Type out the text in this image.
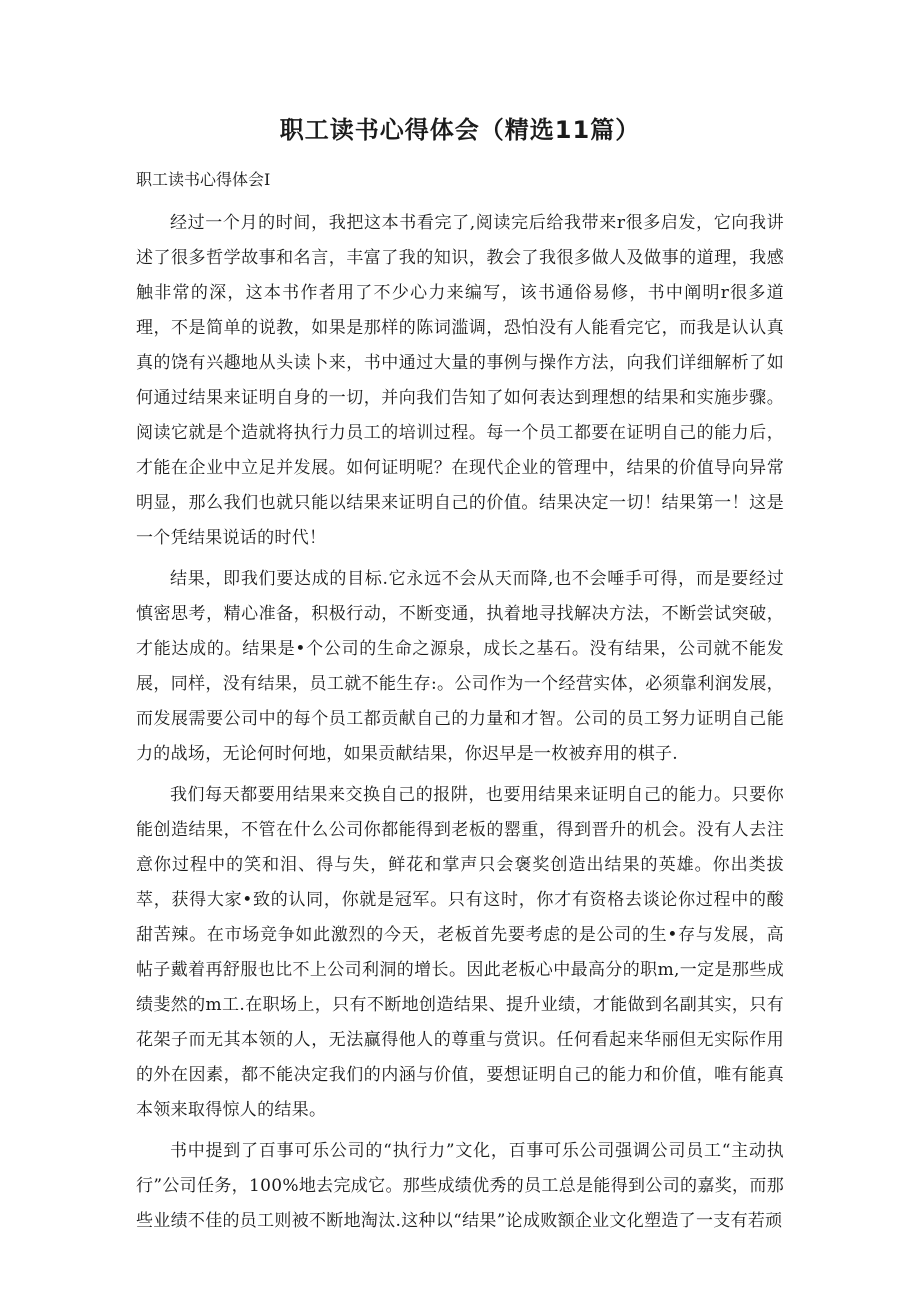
职工读书心得体会（精选11篇）
职工读书心得体会I

经过一个月的时间，我把这本书看完了,阅读完后给我带来r很多启发，它向我讲述了很多哲学故事和名言，丰富了我的知识，教会了我很多做人及做事的道理，我感触非常的深，这本书作者用了不少心力来编写，该书通俗易修，书中阐明r很多道理，不是简单的说教，如果是那样的陈词滥调，恐怕没有人能看完它，而我是认认真真的饶有兴趣地从头读卜来，书中通过大量的事例与操作方法，向我们详细解析了如何通过结果来证明自身的一切，并向我们告知了如何表达到理想的结果和实施步骤。阅读它就是个造就将执行力员工的培训过程。每一个员工都要在证明自己的能力后，才能在企业中立足并发展。如何证明呢？在现代企业的管理中，结果的价值导向异常明显，那么我们也就只能以结果来证明自己的价值。结果决定一切！结果第一！这是一个凭结果说话的时代！

结果，即我们要达成的目标.它永远不会从天而降,也不会唾手可得，而是要经过慎密思考，精心准备，积极行动，不断变通，执着地寻找解决方法，不断尝试突破，才能达成的。结果是•个公司的生命之源泉，成长之基石。没有结果，公司就不能发展，同样，没有结果，员工就不能生存:。公司作为一个经营实体，必须靠利润发展，而发展需要公司中的每个员工都贡献自己的力量和才智。公司的员工努力证明自己能力的战场，无论何时何地，如果贡献结果，你迟早是一枚被弃用的棋子.

我们每天都要用结果来交换自己的报阱，也要用结果来证明自己的能力。只要你能创造结果，不管在什么公司你都能得到老板的罂重，得到晋升的机会。没有人去注意你过程中的笑和泪、得与失，鲜花和掌声只会褒奖创造出结果的英雄。你出类拔萃，获得大家•致的认同，你就是冠军。只有这时，你才有资格去谈论你过程中的酸甜苦辣。在市场竞争如此激烈的今天，老板首先要考虑的是公司的生•存与发展，高帖子戴着再舒服也比不上公司利洞的增长。因此老板心中最高分的职m,一定是那些成绩斐然的m工.在职场上，只有不断地创造结果、提升业绩，才能做到名副其实，只有花架子而无其本领的人，无法赢得他人的尊重与赏识。任何看起来华丽但无实际作用的外在因素，都不能决定我们的内涵与价值，要想证明自己的能力和价值，唯有能真本领来取得惊人的结果。

书中提到了百事可乐公司的“执行力”文化，百事可乐公司强调公司员工“主动执行”公司任务，100%地去完成它。那些成绩优秀的员工总是能得到公司的嘉奖，而那些业绩不佳的员工则被不断地淘汰.这种以“结果”论成败额企业文化塑造了一支有若顽
